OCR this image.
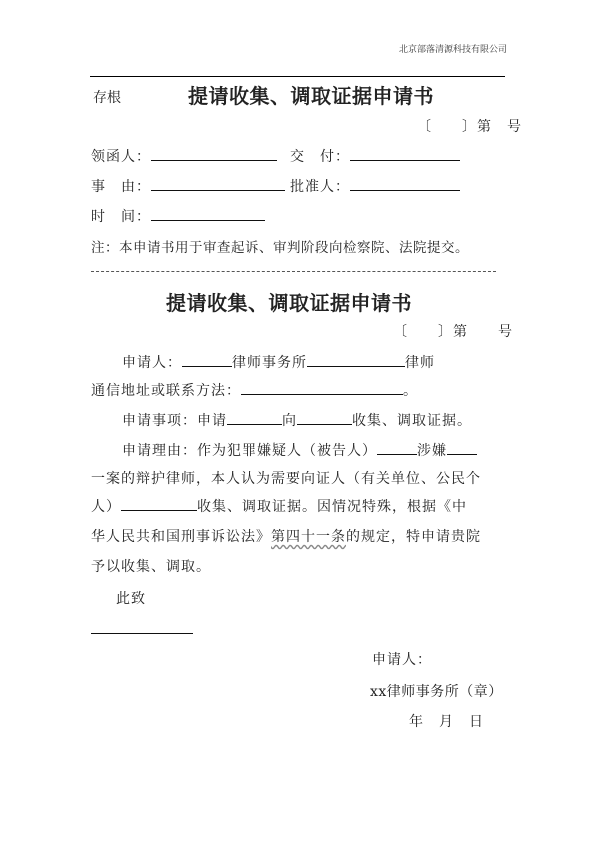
北京部落清源科技有限公司
存根	提请收集、调取证据申请书
〔　　〕第　号
领函人：	交　付：
事　由：	批准人：
时　间：
注：本申请书用于审查起诉、审判阶段向检察院、法院提交。
提请收集、调取证据申请书
〔　　〕第　　号
申请人：	律师事务所	律师
通信地址或联系方法：	。
申请事项：申请	向	收集、调取证据。
申请理由：作为犯罪嫌疑人（被告人）	涉嫌
一案的辩护律师，本人认为需要向证人（有关单位、公民个
人）	收集、调取证据。因情况特殊，根据《中
华人民共和国刑事诉讼法》第四十一条的规定，特申请贵院
予以收集、调取。
此致
申请人：
xx律师事务所（章）
年　月　日
